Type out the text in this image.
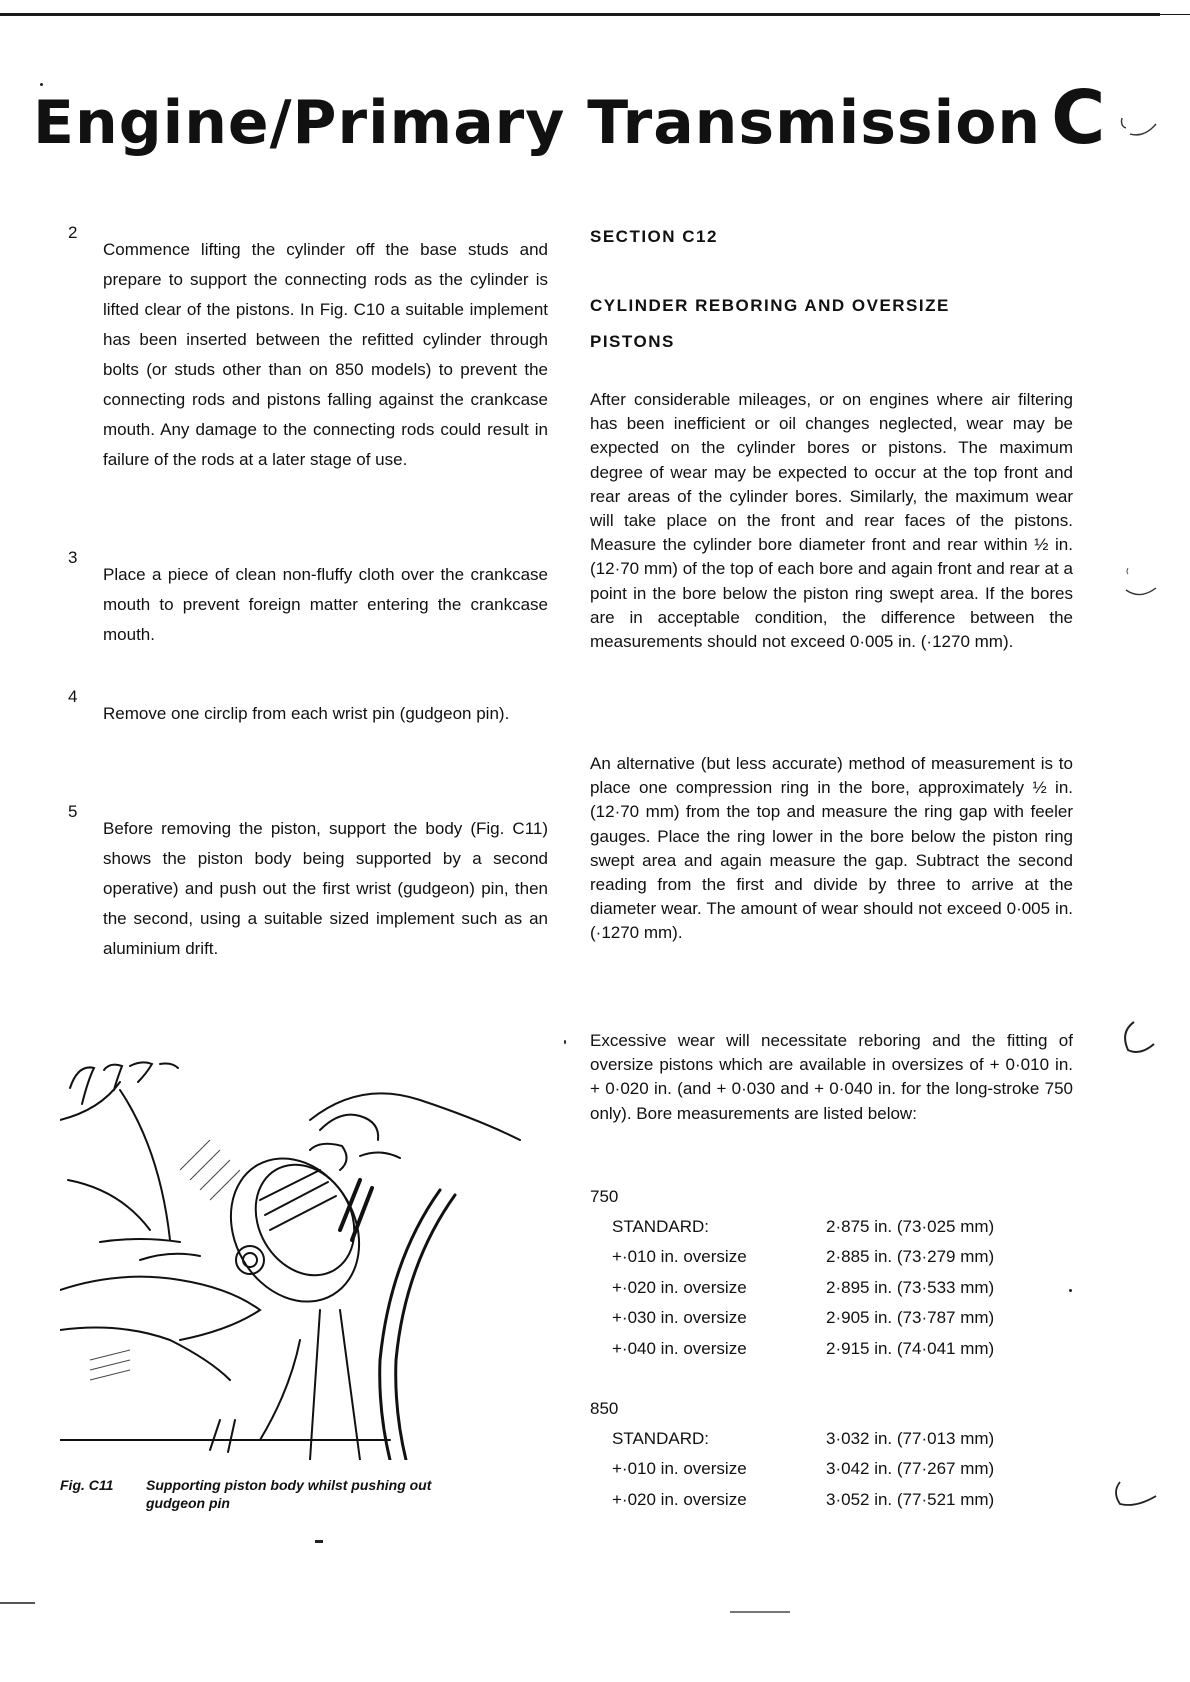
Engine/Primary Transmission C
2

Commence lifting the cylinder off the base studs and prepare to support the connecting rods as the cylinder is lifted clear of the pistons. In Fig. C10 a suitable implement has been inserted between the refitted cylinder through bolts (or studs other than on 850 models) to prevent the connecting rods and pistons falling against the crankcase mouth. Any damage to the connecting rods could result in failure of the rods at a later stage of use.

3

Place a piece of clean non-fluffy cloth over the crankcase mouth to prevent foreign matter entering the crankcase mouth.

4

Remove one circlip from each wrist pin (gudgeon pin).

5

Before removing the piston, support the body (Fig. C11) shows the piston body being supported by a second operative) and push out the first wrist (gudgeon) pin, then the second, using a suitable sized implement such as an aluminium drift.

Fig. C11 Supporting piston body whilst pushing out gudgeon pin

SECTION C12

CYLINDER REBORING AND OVERSIZE

PISTONS

After considerable mileages, or on engines where air filtering has been inefficient or oil changes neglected, wear may be expected on the cylinder bores or pistons. The maximum degree of wear may be expected to occur at the top front and rear areas of the cylinder bores. Similarly, the maximum wear will take place on the front and rear faces of the pistons. Measure the cylinder bore diameter front and rear within ½ in. (12·70 mm) of the top of each bore and again front and rear at a point in the bore below the piston ring swept area. If the bores are in acceptable condition, the difference between the measurements should not exceed 0·005 in. (·1270 mm).

An alternative (but less accurate) method of measurement is to place one compression ring in the bore, approximately ½ in. (12·70 mm) from the top and measure the ring gap with feeler gauges. Place the ring lower in the bore below the piston ring swept area and again measure the gap. Subtract the second reading from the first and divide by three to arrive at the diameter wear. The amount of wear should not exceed 0·005 in. (·1270 mm).

Excessive wear will necessitate reboring and the fitting of oversize pistons which are available in oversizes of + 0·010 in. + 0·020 in. (and + 0·030 and + 0·040 in. for the long-stroke 750 only). Bore measurements are listed below:

750
STANDARD:	2·875 in. (73·025 mm)
+·010 in. oversize	2·885 in. (73·279 mm)
+·020 in. oversize	2·895 in. (73·533 mm)
+·030 in. oversize	2·905 in. (73·787 mm)
+·040 in. oversize	2·915 in. (74·041 mm)
850
STANDARD:	3·032 in. (77·013 mm)
+·010 in. oversize	3·042 in. (77·267 mm)
+·020 in. oversize	3·052 in. (77·521 mm)
